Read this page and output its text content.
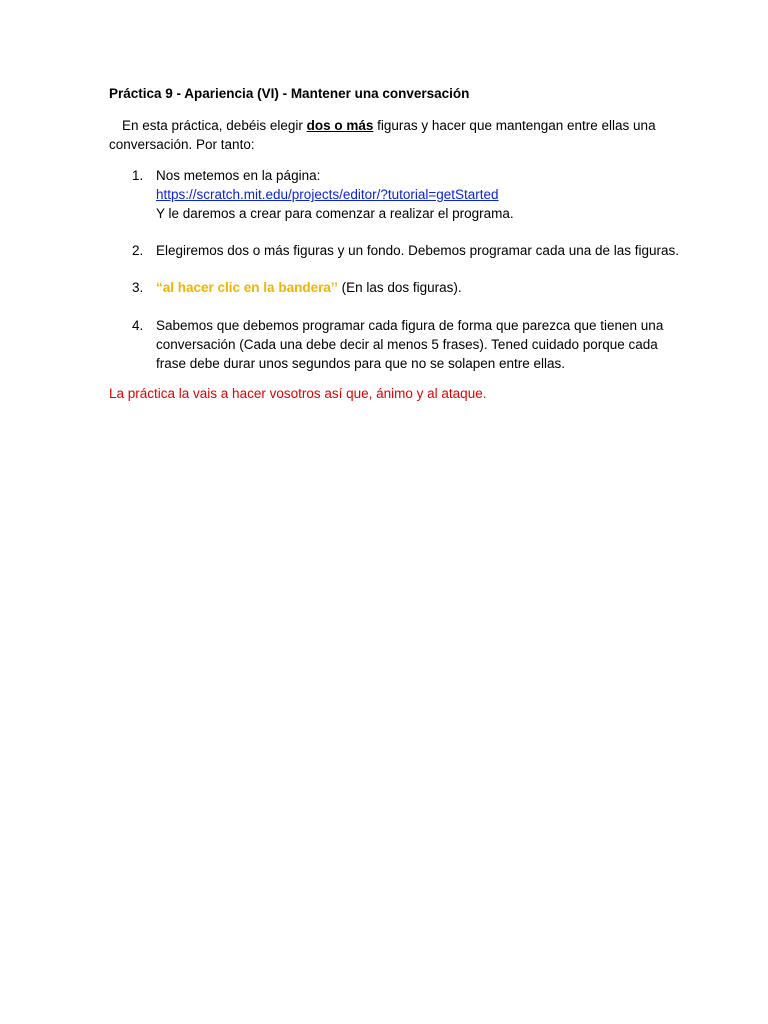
Práctica 9 - Apariencia (VI) - Mantener una conversación
En esta práctica, debéis elegir dos o más figuras y hacer que mantengan entre ellas una
conversación. Por tanto:
1. Nos metemos en la página:
https://scratch.mit.edu/projects/editor/?tutorial=getStarted
Y le daremos a crear para comenzar a realizar el programa.
2. Elegiremos dos o más figuras y un fondo. Debemos programar cada una de las figuras.
3. “al hacer clic en la bandera’’ (En las dos figuras).
4. Sabemos que debemos programar cada figura de forma que parezca que tienen una
conversación (Cada una debe decir al menos 5 frases). Tened cuidado porque cada
frase debe durar unos segundos para que no se solapen entre ellas.
La práctica la vais a hacer vosotros así que, ánimo y al ataque.
